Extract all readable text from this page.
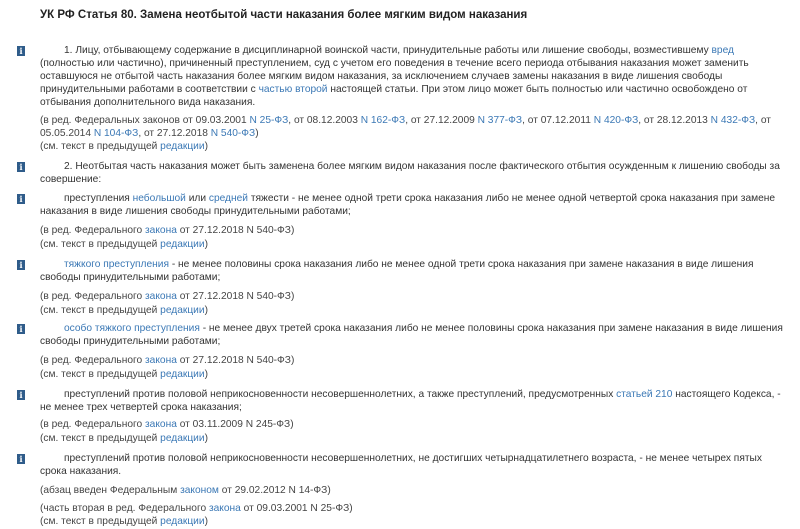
УК РФ Статья 80. Замена неотбытой части наказания более мягким видом наказания
i	1. Лицу, отбывающему содержание в дисциплинарной воинской части, принудительные работы или лишение свободы, возместившему вред (полностью или частично), причиненный преступлением, суд с учетом его поведения в течение всего периода отбывания наказания может заменить оставшуюся не отбытой часть наказания более мягким видом наказания, за исключением случаев замены наказания в виде лишения свободы принудительными работами в соответствии с частью второй настоящей статьи. При этом лицо может быть полностью или частично освобождено от отбывания дополнительного вида наказания.
(в ред. Федеральных законов от 09.03.2001 N 25-ФЗ, от 08.12.2003 N 162-ФЗ, от 27.12.2009 N 377-ФЗ, от 07.12.2011 N 420-ФЗ, от 28.12.2013 N 432-ФЗ, от 05.05.2014 N 104-ФЗ, от 27.12.2018 N 540-ФЗ)
(см. текст в предыдущей редакции)
i	2. Неотбытая часть наказания может быть заменена более мягким видом наказания после фактического отбытия осужденным к лишению свободы за совершение:
i	преступления небольшой или средней тяжести - не менее одной трети срока наказания либо не менее одной четвертой срока наказания при замене наказания в виде лишения свободы принудительными работами;
(в ред. Федерального закона от 27.12.2018 N 540-ФЗ)
(см. текст в предыдущей редакции)
i	тяжкого преступления - не менее половины срока наказания либо не менее одной трети срока наказания при замене наказания в виде лишения свободы принудительными работами;
(в ред. Федерального закона от 27.12.2018 N 540-ФЗ)
(см. текст в предыдущей редакции)
i	особо тяжкого преступления - не менее двух третей срока наказания либо не менее половины срока наказания при замене наказания в виде лишения свободы принудительными работами;
(в ред. Федерального закона от 27.12.2018 N 540-ФЗ)
(см. текст в предыдущей редакции)
i	преступлений против половой неприкосновенности несовершеннолетних, а также преступлений, предусмотренных статьей 210 настоящего Кодекса, - не менее трех четвертей срока наказания;
(в ред. Федерального закона от 03.11.2009 N 245-ФЗ)
(см. текст в предыдущей редакции)
i	преступлений против половой неприкосновенности несовершеннолетних, не достигших четырнадцатилетнего возраста, - не менее четырех пятых срока наказания.
(абзац введен Федеральным законом от 29.02.2012 N 14-ФЗ)
(часть вторая в ред. Федерального закона от 09.03.2001 N 25-ФЗ)
(см. текст в предыдущей редакции)
